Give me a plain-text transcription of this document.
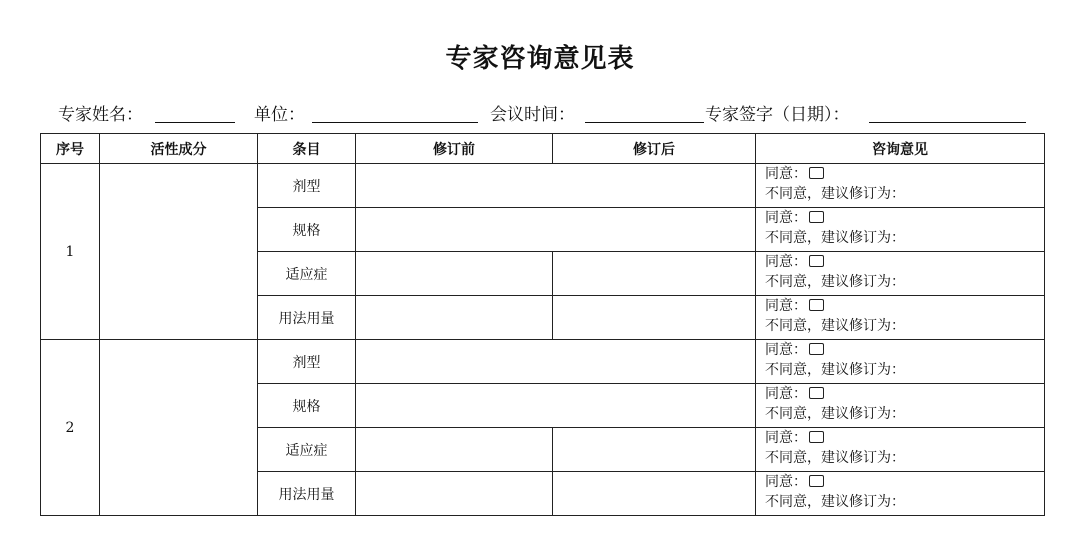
专家咨询意见表
专家姓名：	单位：	会议时间：	专家签字（日期）：
序号	活性成分	条目	修订前	修订后	咨询意见
1		剂型			同意：
不同意，建议修订为：
		规格			同意：
不同意，建议修订为：
		适应症			同意：
不同意，建议修订为：
		用法用量			同意：
不同意，建议修订为：
2		剂型			同意：
不同意，建议修订为：
		规格			同意：
不同意，建议修订为：
		适应症			同意：
不同意，建议修订为：
		用法用量			同意：
不同意，建议修订为：
